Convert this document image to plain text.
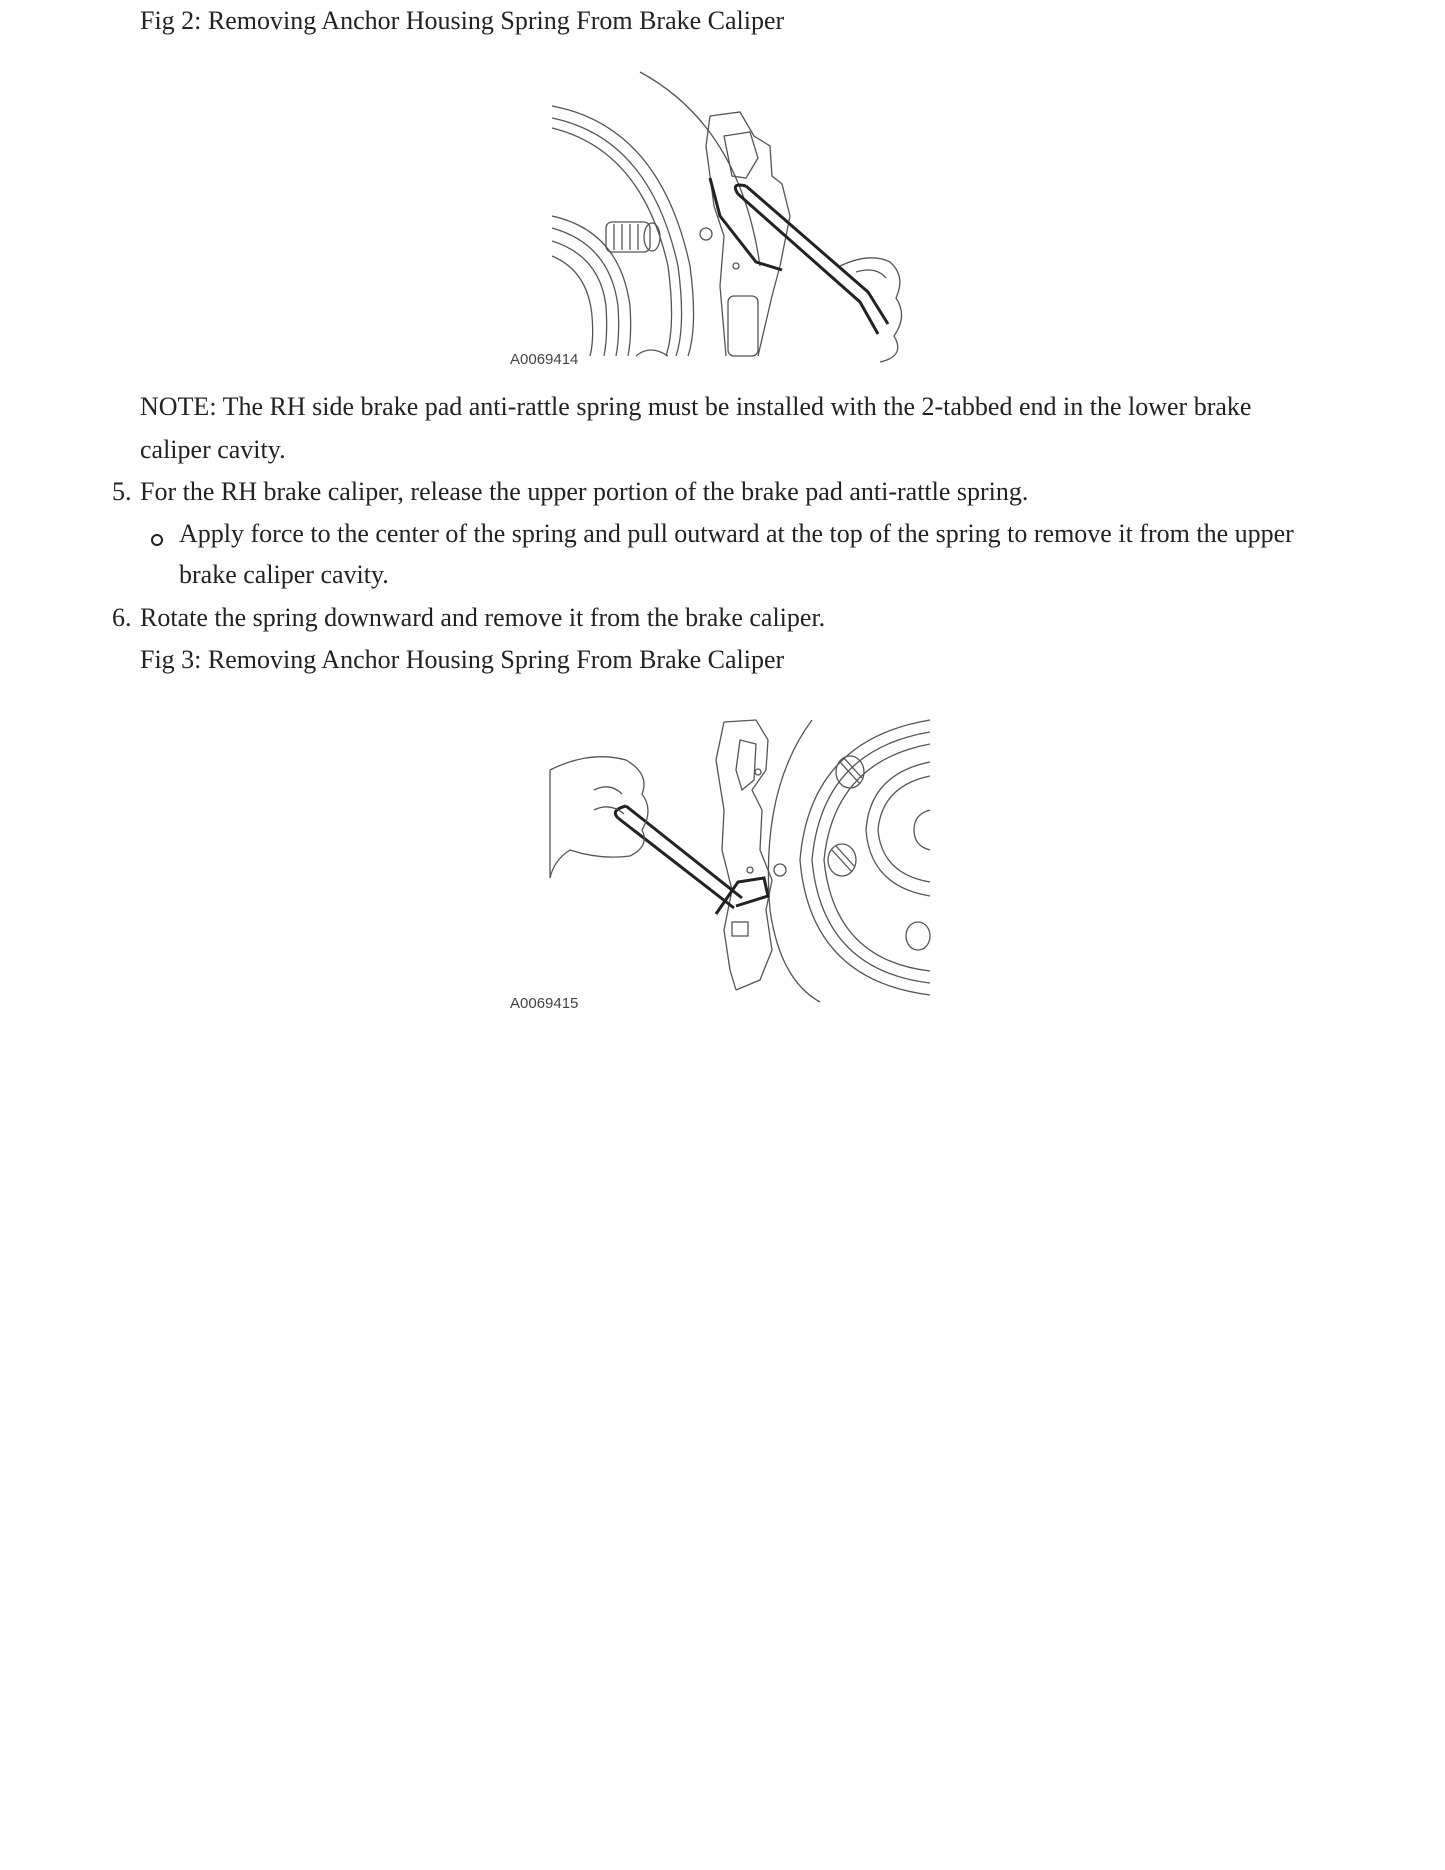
Fig 2: Removing Anchor Housing Spring From Brake Caliper
A0069414
NOTE: The RH side brake pad anti-rattle spring must be installed with the 2-tabbed end in the lower brake
caliper cavity.
5. For the RH brake caliper, release the upper portion of the brake pad anti-rattle spring.
Apply force to the center of the spring and pull outward at the top of the spring to remove it from the upper
brake caliper cavity.
6. Rotate the spring downward and remove it from the brake caliper.
Fig 3: Removing Anchor Housing Spring From Brake Caliper
A0069415
